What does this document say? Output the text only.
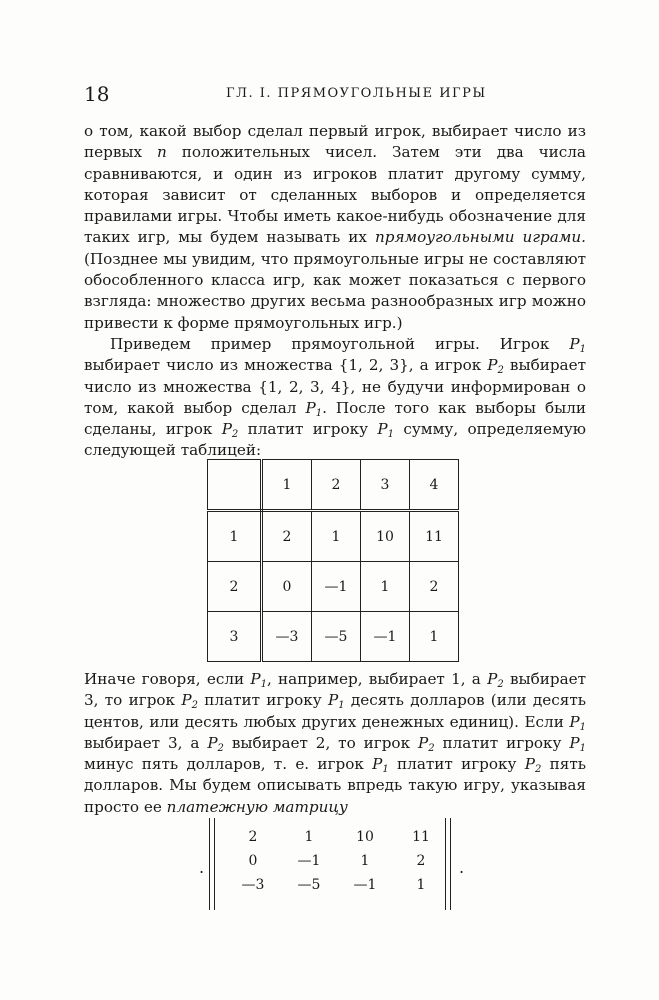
18	ГЛ. I. ПРЯМОУГОЛЬНЫЕ ИГРЫ

о том, какой выбор сделал первый игрок, выбирает число из первых n положительных чисел. Затем эти два числа сравниваются, и один из игроков платит другому сумму, которая зависит от сделанных выборов и определяется правилами игры. Чтобы иметь какое-нибудь обозначение для таких игр, мы будем называть их прямоугольными играми. (Позднее мы увидим, что прямоугольные игры не составляют обособленного класса игр, как может показаться с первого взгляда: множество других весьма разнообразных игр можно привести к форме прямоугольных игр.)

Приведем пример прямоугольной игры. Игрок $P_1$ выбирает число из множества {1, 2, 3}, а игрок $P_2$ выбирает число из множества {1, 2, 3, 4}, не будучи информирован о том, какой выбор сделал $P_1$. После того как выборы были сделаны, игрок $P_2$ платит игроку $P_1$ сумму, определяемую следующей таблицей:

	1	2	3	4
1	2	1	10	11
2	0	—1	1	2
3	—3	—5	—1	1

Иначе говоря, если $P_1$, например, выбирает 1, а $P_2$ выбирает 3, то игрок $P_2$ платит игроку $P_1$ десять долларов (или десять центов, или десять любых других денежных единиц). Если $P_1$ выбирает 3, а $P_2$ выбирает 2, то игрок $P_2$ платит игроку $P_1$ минус пять долларов, т. е. игрок $P_1$ платит игроку $P_2$ пять долларов. Мы будем описывать впредь такую игру, указывая просто ее платежную матрицу

.
2	1	10	11
0	—1	1	2
—3	—5	—1	1
.
